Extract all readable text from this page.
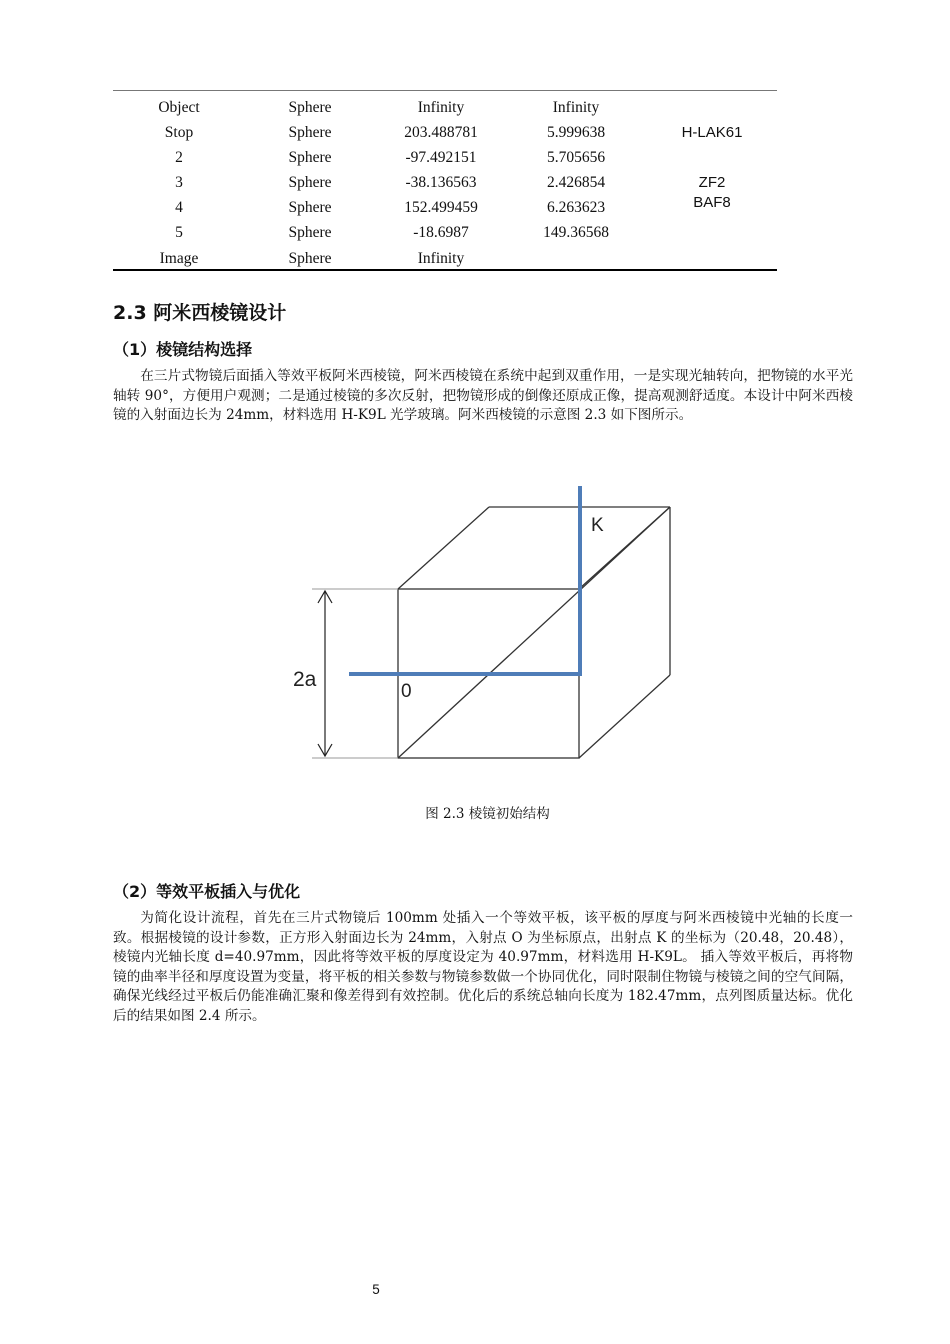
Object	Sphere	Infinity	Infinity
Stop	Sphere	203.488781	5.999638	H-LAK61
2	Sphere	-97.492151	5.705656
3	Sphere	-38.136563	2.426854	ZF2
4	Sphere	152.499459	6.263623	BAF8
5	Sphere	-18.6987	149.36568
Image	Sphere	Infinity
2.3 阿米西棱镜设计
（1）棱镜结构选择

在三片式物镜后面插入等效平板阿米西棱镜，阿米西棱镜在系统中起到双重作用，一是实现光轴转向，把物镜的水平光轴转 90°，方便用户观测；二是通过棱镜的多次反射，把物镜形成的倒像还原成正像，提高观测舒适度。本设计中阿米西棱镜的入射面边长为 24mm，材料选用 H-K9L 光学玻璃。阿米西棱镜的示意图 2.3 如下图所示。

K
0
2a

图 2.3 棱镜初始结构

（2）等效平板插入与优化

为简化设计流程，首先在三片式物镜后 100mm 处插入一个等效平板，该平板的厚度与阿米西棱镜中光轴的长度一致。根据棱镜的设计参数，正方形入射面边长为 24mm，入射点 O 为坐标原点，出射点 K 的坐标为（20.48，20.48），棱镜内光轴长度 d=40.97mm，因此将等效平板的厚度设定为 40.97mm，材料选用 H-K9L。 插入等效平板后，再将物镜的曲率半径和厚度设置为变量，将平板的相关参数与物镜参数做一个协同优化，同时限制住物镜与棱镜之间的空气间隔，确保光线经过平板后仍能准确汇聚和像差得到有效控制。优化后的系统总轴向长度为 182.47mm，点列图质量达标。优化后的结果如图 2.4 所示。

5
